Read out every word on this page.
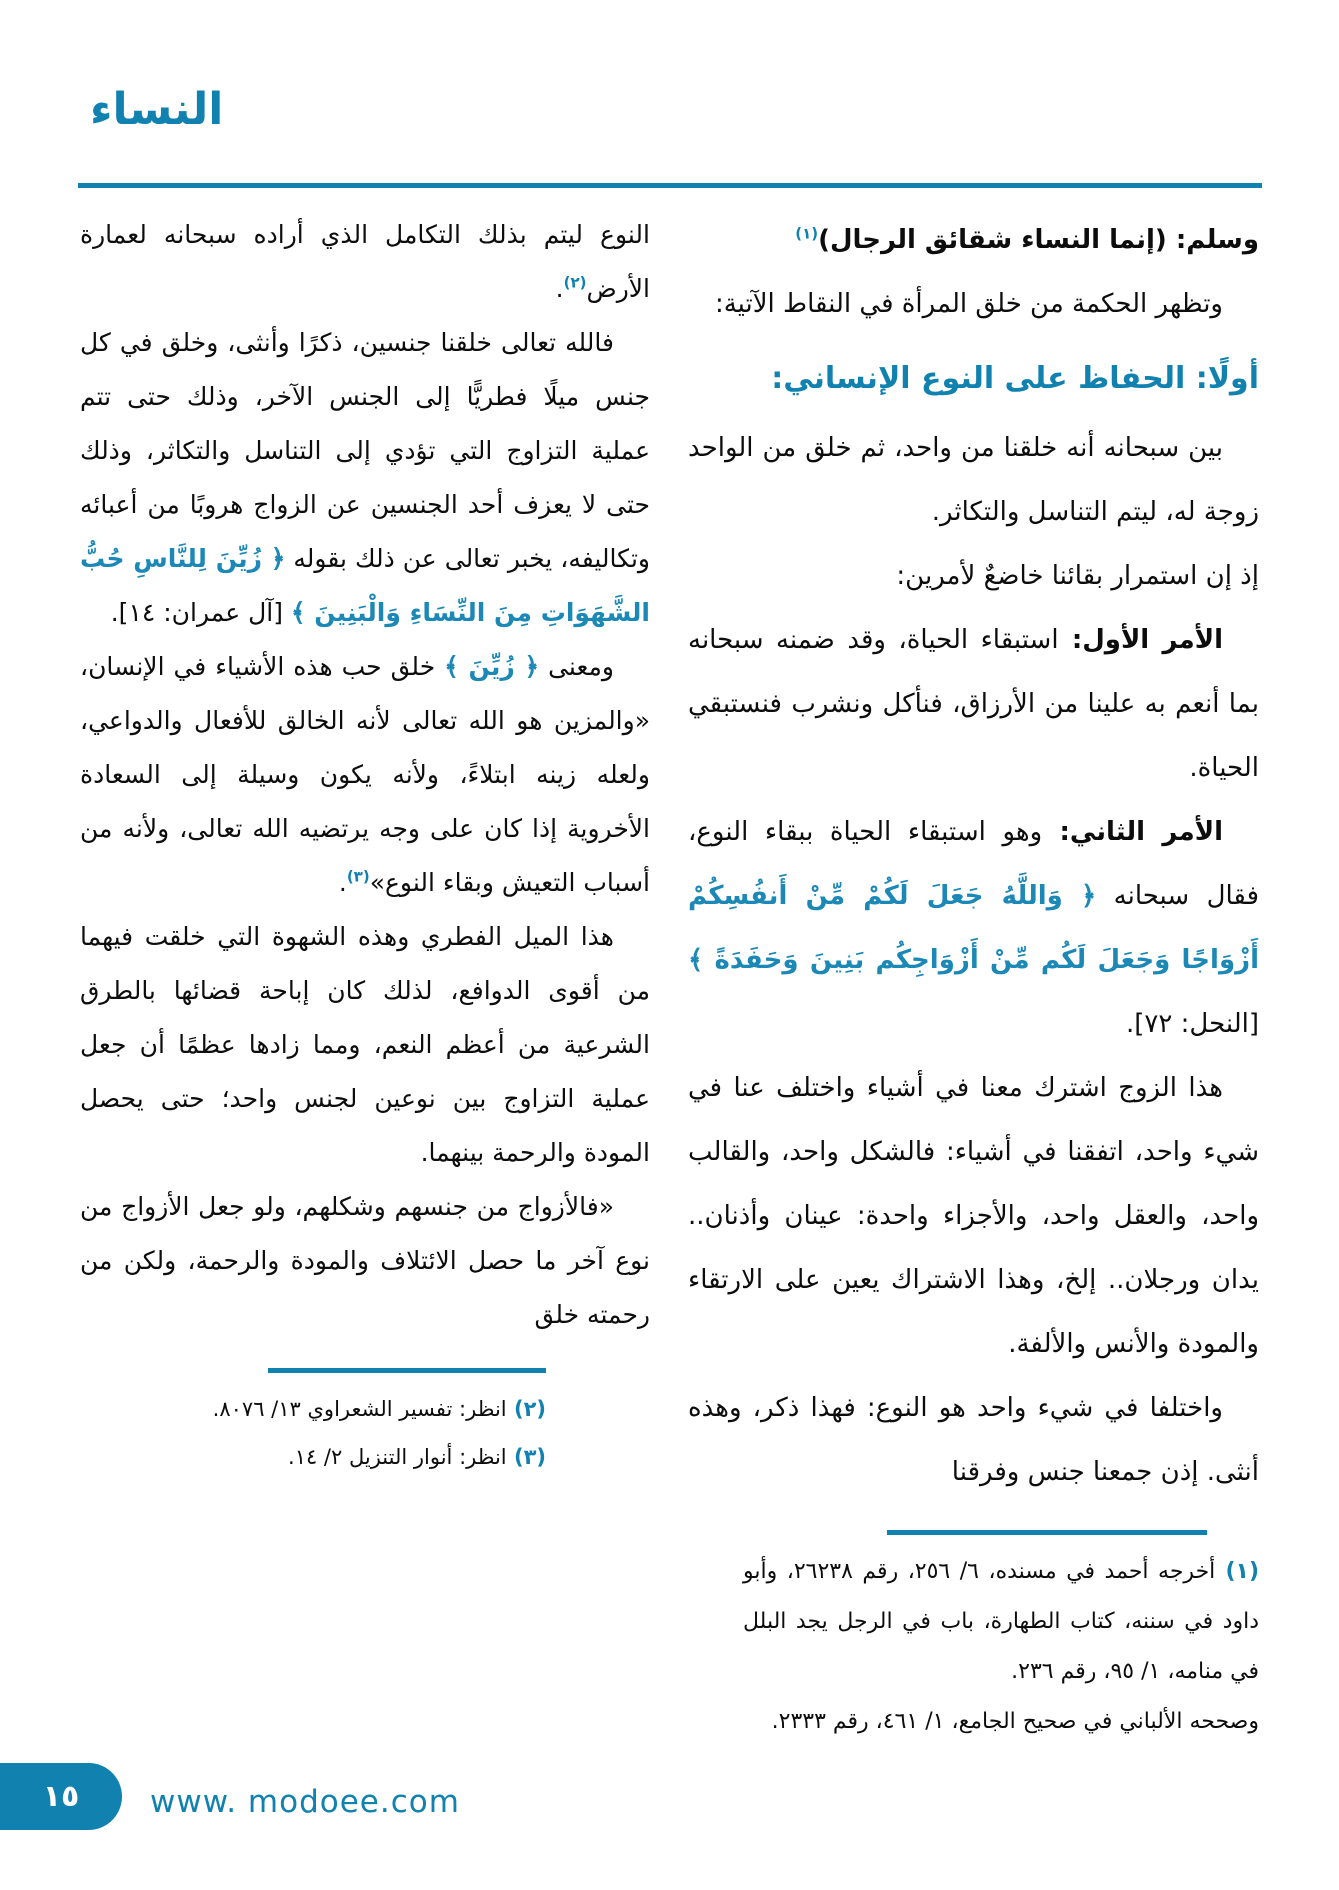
النساء

وسلم: (إنما النساء شقائق الرجال)$^{(١)}$

وتظهر الحكمة من خلق المرأة في النقاط الآتية:

أولًا: الحفاظ على النوع الإنساني:

بين سبحانه أنه خلقنا من واحد، ثم خلق من الواحد زوجة له، ليتم التناسل والتكاثر.

إذ إن استمرار بقائنا خاضعٌ لأمرين:

الأمر الأول: استبقاء الحياة، وقد ضمنه سبحانه بما أنعم به علينا من الأرزاق، فنأكل ونشرب فنستبقي الحياة.

الأمر الثاني: وهو استبقاء الحياة ببقاء النوع، فقال سبحانه ﴿ وَاللَّهُ جَعَلَ لَكُمْ مِّنْ أَنفُسِكُمْ أَزْوَاجًا وَجَعَلَ لَكُم مِّنْ أَزْوَاجِكُم بَنِينَ وَحَفَدَةً ﴾ [النحل: ٧٢].

هذا الزوج اشترك معنا في أشياء واختلف عنا في شيء واحد، اتفقنا في أشياء: فالشكل واحد، والقالب واحد، والعقل واحد، والأجزاء واحدة: عينان وأذنان.. يدان ورجلان.. إلخ، وهذا الاشتراك يعين على الارتقاء والمودة والأنس والألفة.

واختلفا في شيء واحد هو النوع: فهذا ذكر، وهذه أنثى. إذن جمعنا جنس وفرقنا

(١) أخرجه أحمد في مسنده، ٦/ ٢٥٦، رقم ٢٦٢٣٨، وأبو داود في سننه، كتاب الطهارة، باب في الرجل يجد البلل في منامه، ١/ ٩٥، رقم ٢٣٦.

وصححه الألباني في صحيح الجامع، ١/ ٤٦١، رقم ٢٣٣٣.

النوع ليتم بذلك التكامل الذي أراده سبحانه لعمارة الأرض$^{(٢)}$.

فالله تعالى خلقنا جنسين، ذكرًا وأنثى، وخلق في كل جنس ميلًا فطريًّا إلى الجنس الآخر، وذلك حتى تتم عملية التزاوج التي تؤدي إلى التناسل والتكاثر، وذلك حتى لا يعزف أحد الجنسين عن الزواج هروبًا من أعبائه وتكاليفه، يخبر تعالى عن ذلك بقوله ﴿ زُيِّنَ لِلنَّاسِ حُبُّ الشَّهَوَاتِ مِنَ النِّسَاءِ وَالْبَنِينَ ﴾ [آل عمران: ١٤].

ومعنى ﴿ زُيِّنَ ﴾ خلق حب هذه الأشياء في الإنسان، «والمزين هو الله تعالى لأنه الخالق للأفعال والدواعي، ولعله زينه ابتلاءً، ولأنه يكون وسيلة إلى السعادة الأخروية إذا كان على وجه يرتضيه الله تعالى، ولأنه من أسباب التعيش وبقاء النوع»$^{(٣)}$.

هذا الميل الفطري وهذه الشهوة التي خلقت فيهما من أقوى الدوافع، لذلك كان إباحة قضائها بالطرق الشرعية من أعظم النعم، ومما زادها عظمًا أن جعل عملية التزاوج بين نوعين لجنس واحد؛ حتى يحصل المودة والرحمة بينهما.

«فالأزواج من جنسهم وشكلهم، ولو جعل الأزواج من نوع آخر ما حصل الائتلاف والمودة والرحمة، ولكن من رحمته خلق

(٢) انظر: تفسير الشعراوي ١٣/ ٨٠٧٦.

(٣) انظر: أنوار التنزيل ٢/ ١٤.

١٥ www. modoee.com
